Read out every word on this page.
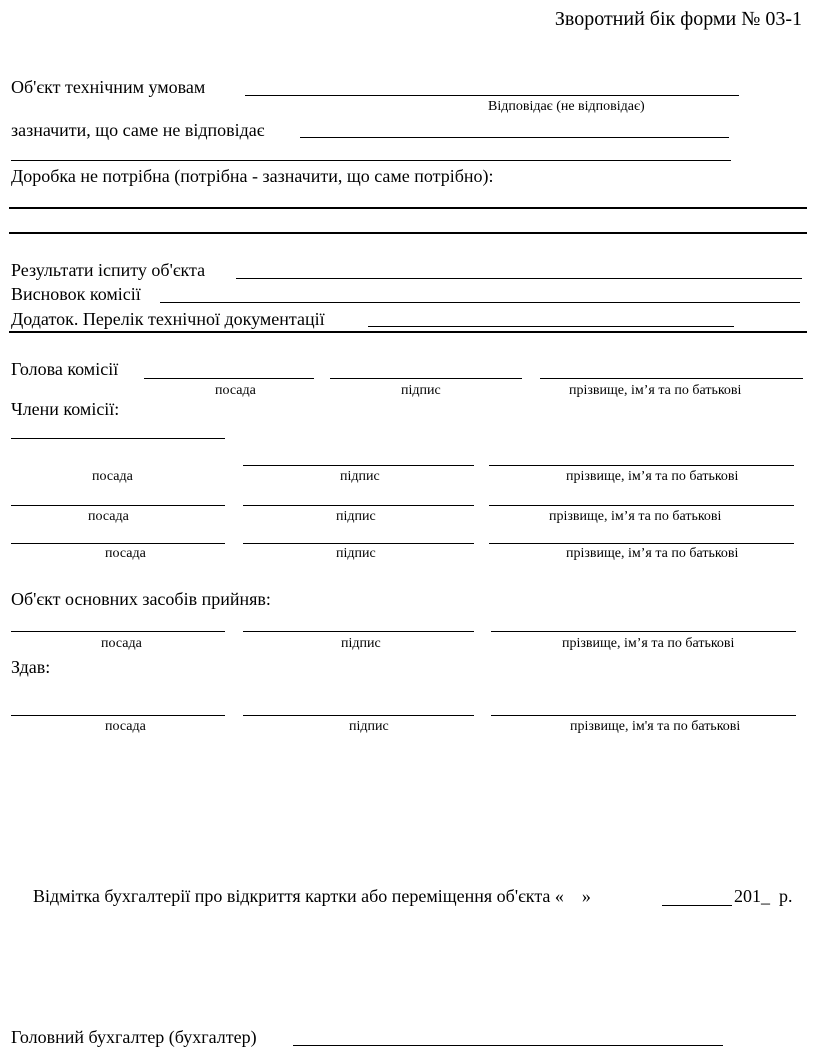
Зворотний бік форми № 03-1
Об'єкт технічним умовам
Відповідає (не відповідає)
зазначити, що саме не відповідає
Доробка не потрібна (потрібна - зазначити, що саме потрібно):
Результати іспиту об'єкта
Висновок комісії
Додаток. Перелік технічної документації
Голова комісії
посада	підпис	прізвище, імʼя та по батькові
Члени комісії:
посада	підпис	прізвище, імʼя та по батькові
посада	підпис	прізвище, імʼя та по батькові
посада	підпис	прізвище, імʼя та по батькові
Об'єкт основних засобів прийняв:
посада	підпис	прізвище, імʼя та по батькові
Здав:
посада	підпис	прізвище, ім'я та по батькові
Відмітка бухгалтерії про відкриття картки або переміщення об'єкта «    »	201_  р.
Головний бухгалтер (бухгалтер)
